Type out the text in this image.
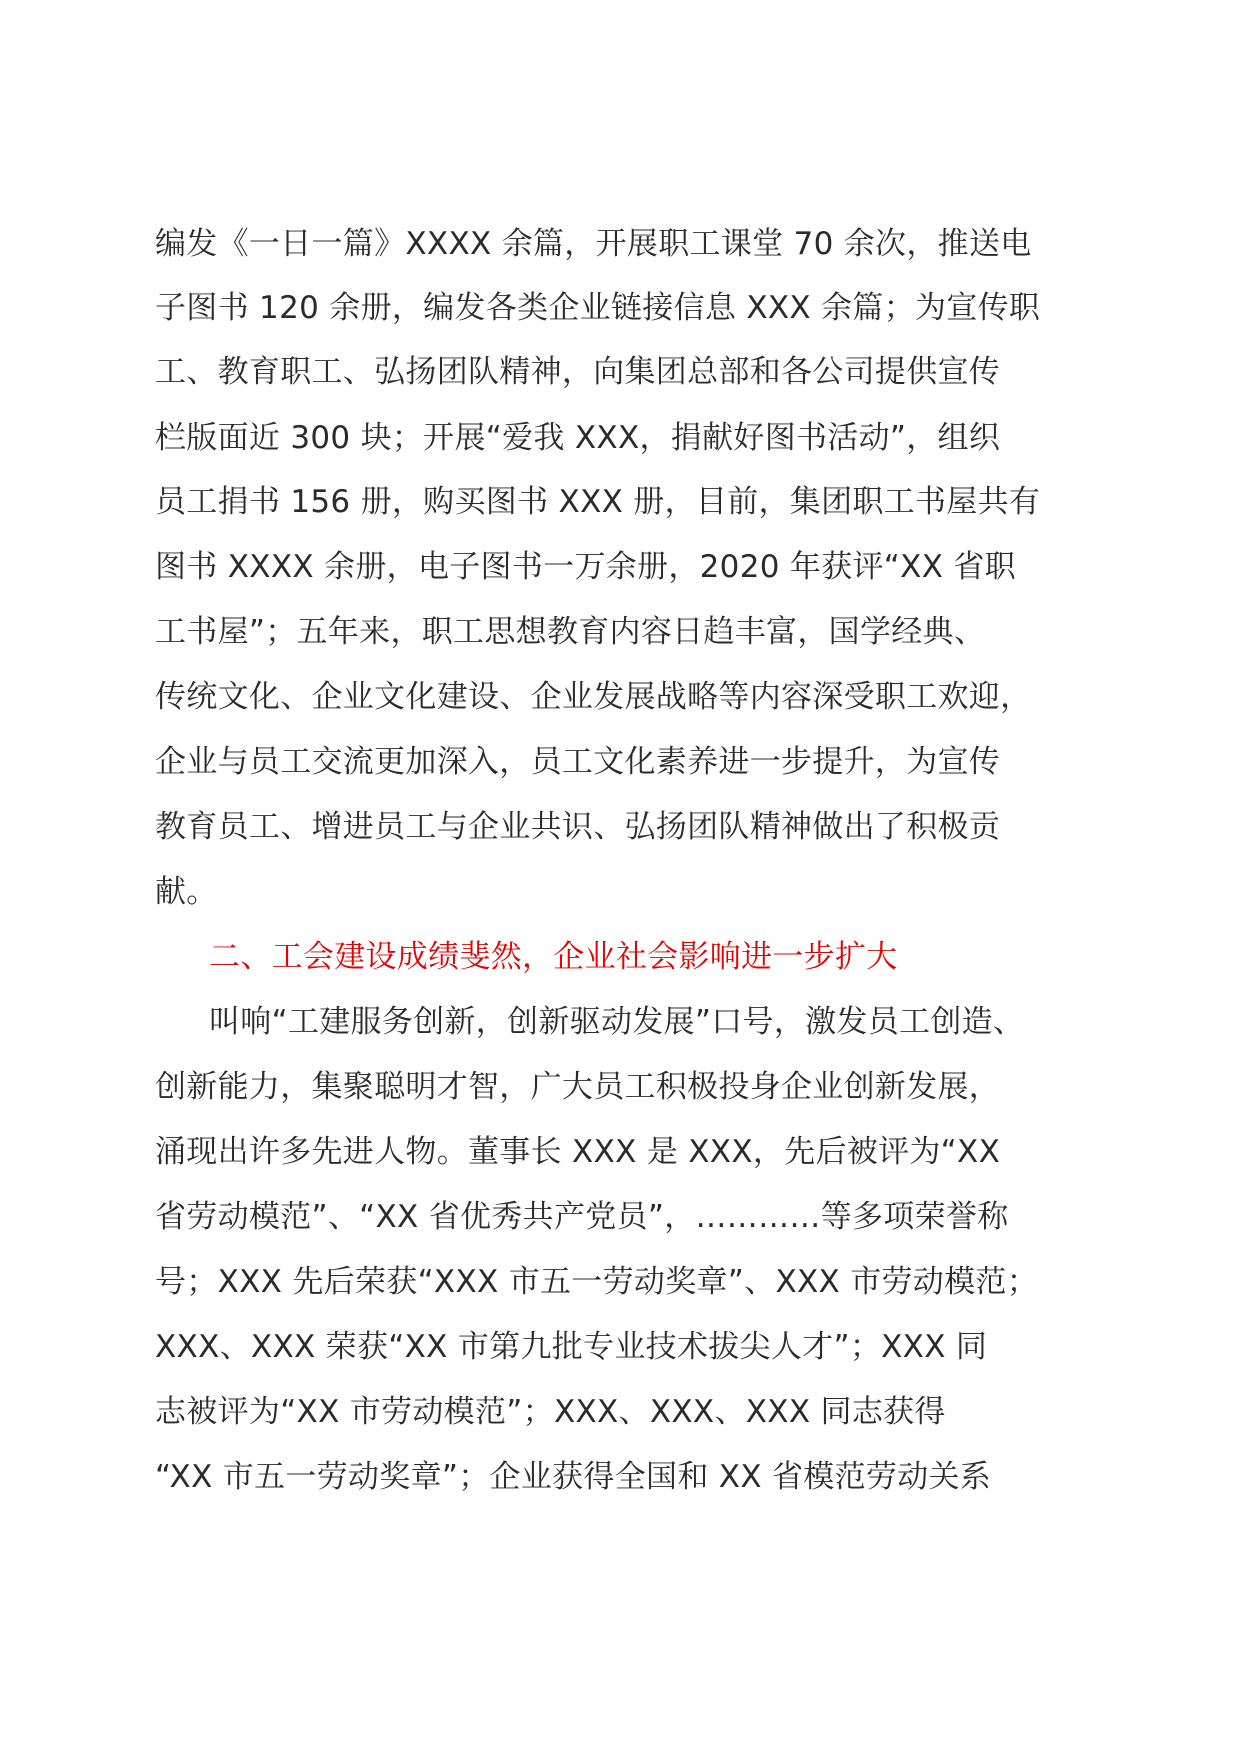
编发《一日一篇》XXXX 余篇，开展职工课堂 70 余次，推送电
子图书 120 余册，编发各类企业链接信息 XXX 余篇；为宣传职
工、教育职工、弘扬团队精神，向集团总部和各公司提供宣传
栏版面近 300 块；开展“爱我 XXX，捐献好图书活动”，组织
员工捐书 156 册，购买图书 XXX 册，目前，集团职工书屋共有
图书 XXXX 余册，电子图书一万余册，2020 年获评“XX 省职
工书屋”；五年来，职工思想教育内容日趋丰富，国学经典、
传统文化、企业文化建设、企业发展战略等内容深受职工欢迎，
企业与员工交流更加深入，员工文化素养进一步提升，为宣传
教育员工、增进员工与企业共识、弘扬团队精神做出了积极贡
献。
二、工会建设成绩斐然，企业社会影响进一步扩大
叫响“工建服务创新，创新驱动发展”口号，激发员工创造、
创新能力，集聚聪明才智，广大员工积极投身企业创新发展，
涌现出许多先进人物。董事长 XXX 是 XXX，先后被评为“XX
省劳动模范”、“XX 省优秀共产党员”，…………等多项荣誉称
号；XXX 先后荣获“XXX 市五一劳动奖章”、XXX 市劳动模范；
XXX、XXX 荣获“XX 市第九批专业技术拔尖人才”；XXX 同
志被评为“XX 市劳动模范”；XXX、XXX、XXX 同志获得
“XX 市五一劳动奖章”；企业获得全国和 XX 省模范劳动关系
